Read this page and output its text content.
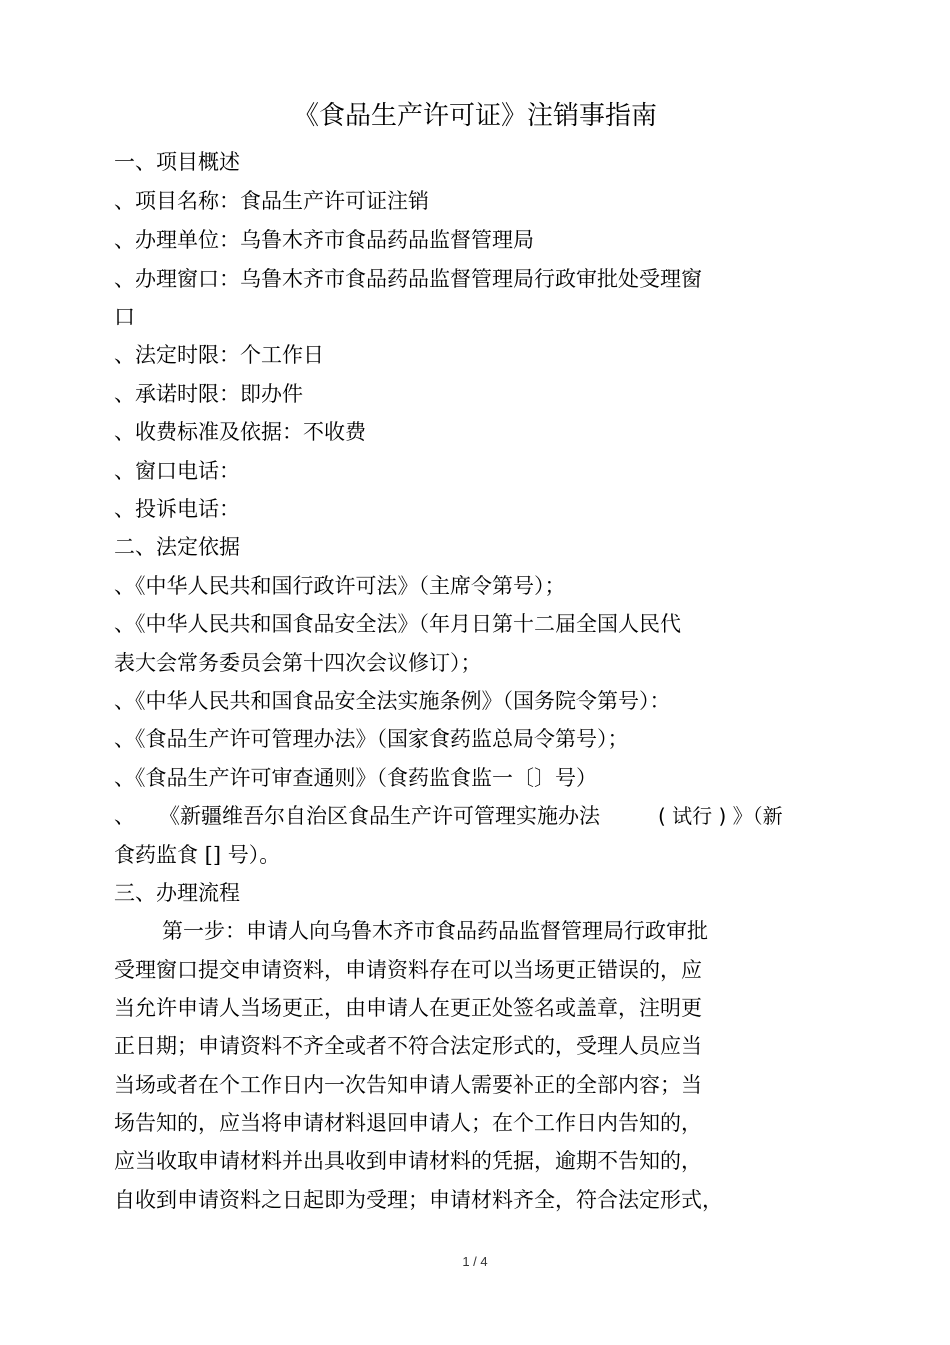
《食品生产许可证》注销事指南
一、项目概述
、项目名称：食品生产许可证注销
、办理单位：乌鲁木齐市食品药品监督管理局
、办理窗口：乌鲁木齐市食品药品监督管理局行政审批处受理窗
口
、法定时限：个工作日
、承诺时限：即办件
、收费标准及依据：不收费
、窗口电话：
、投诉电话：
二、法定依据
、《中华人民共和国行政许可法》（主席令第号）；
、《中华人民共和国食品安全法》（年月日第十二届全国人民代
表大会常务委员会第十四次会议修订）；
、《中华人民共和国食品安全法实施条例》（国务院令第号）：
、《食品生产许可管理办法》（国家食药监总局令第号）；
、《食品生产许可审查通则》（食药监食监一〔〕号）
、 《新疆维吾尔自治区食品生产许可管理实施办法	( 试行 ) 》（新
食药监食 [] 号）。
三、办理流程
第一步：申请人向乌鲁木齐市食品药品监督管理局行政审批
受理窗口提交申请资料，申请资料存在可以当场更正错误的，应
当允许申请人当场更正，由申请人在更正处签名或盖章，注明更
正日期；申请资料不齐全或者不符合法定形式的，受理人员应当
当场或者在个工作日内一次告知申请人需要补正的全部内容；当
场告知的，应当将申请材料退回申请人；在个工作日内告知的，
应当收取申请材料并出具收到申请材料的凭据，逾期不告知的，
自收到申请资料之日起即为受理；申请材料齐全，符合法定形式，
1 / 4
